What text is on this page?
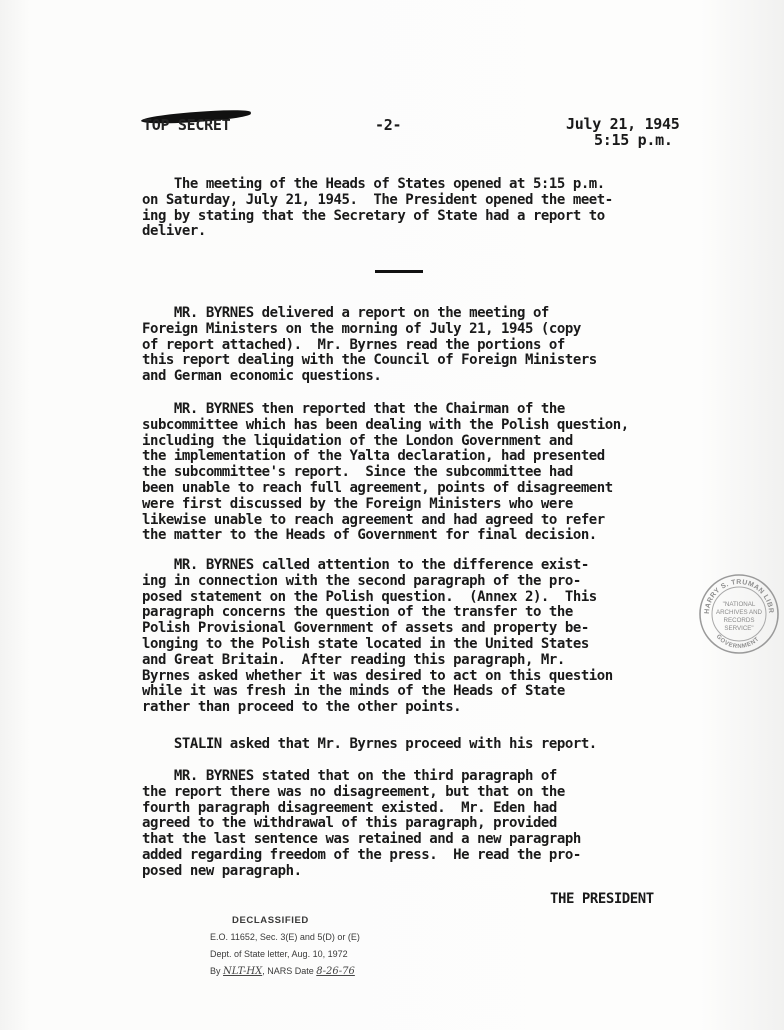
TOP SECRET	-2-	July 21, 1945
5:15 p.m.

The meeting of the Heads of States opened at 5:15 p.m.
on Saturday, July 21, 1945.  The President opened the meet-
ing by stating that the Secretary of State had a report to
deliver.

MR. BYRNES delivered a report on the meeting of
Foreign Ministers on the morning of July 21, 1945 (copy
of report attached).  Mr. Byrnes read the portions of
this report dealing with the Council of Foreign Ministers
and German economic questions.

MR. BYRNES then reported that the Chairman of the
subcommittee which has been dealing with the Polish question,
including the liquidation of the London Government and
the implementation of the Yalta declaration, had presented
the subcommittee's report.  Since the subcommittee had
been unable to reach full agreement, points of disagreement
were first discussed by the Foreign Ministers who were
likewise unable to reach agreement and had agreed to refer
the matter to the Heads of Government for final decision.

MR. BYRNES called attention to the difference exist-
ing in connection with the second paragraph of the pro-
posed statement on the Polish question.  (Annex 2).  This
paragraph concerns the question of the transfer to the
Polish Provisional Government of assets and property be-
longing to the Polish state located in the United States
and Great Britain.  After reading this paragraph, Mr.
Byrnes asked whether it was desired to act on this question
while it was fresh in the minds of the Heads of State
rather than proceed to the other points.

STALIN asked that Mr. Byrnes proceed with his report.

MR. BYRNES stated that on the third paragraph of
the report there was no disagreement, but that on the
fourth paragraph disagreement existed.  Mr. Eden had
agreed to the withdrawal of this paragraph, provided
that the last sentence was retained and a new paragraph
added regarding freedom of the press.  He read the pro-
posed new paragraph.

THE PRESIDENT
HARRY S. TRUMAN LIBR
GOVERNMENT
"NATIONAL
ARCHIVES AND
RECORDS
SERVICE"
DECLASSIFIED
E.O. 11652, Sec. 3(E) and 5(D) or (E)
Dept. of State letter, Aug. 10, 1972
By NLT-HX, NARS Date 8-26-76
